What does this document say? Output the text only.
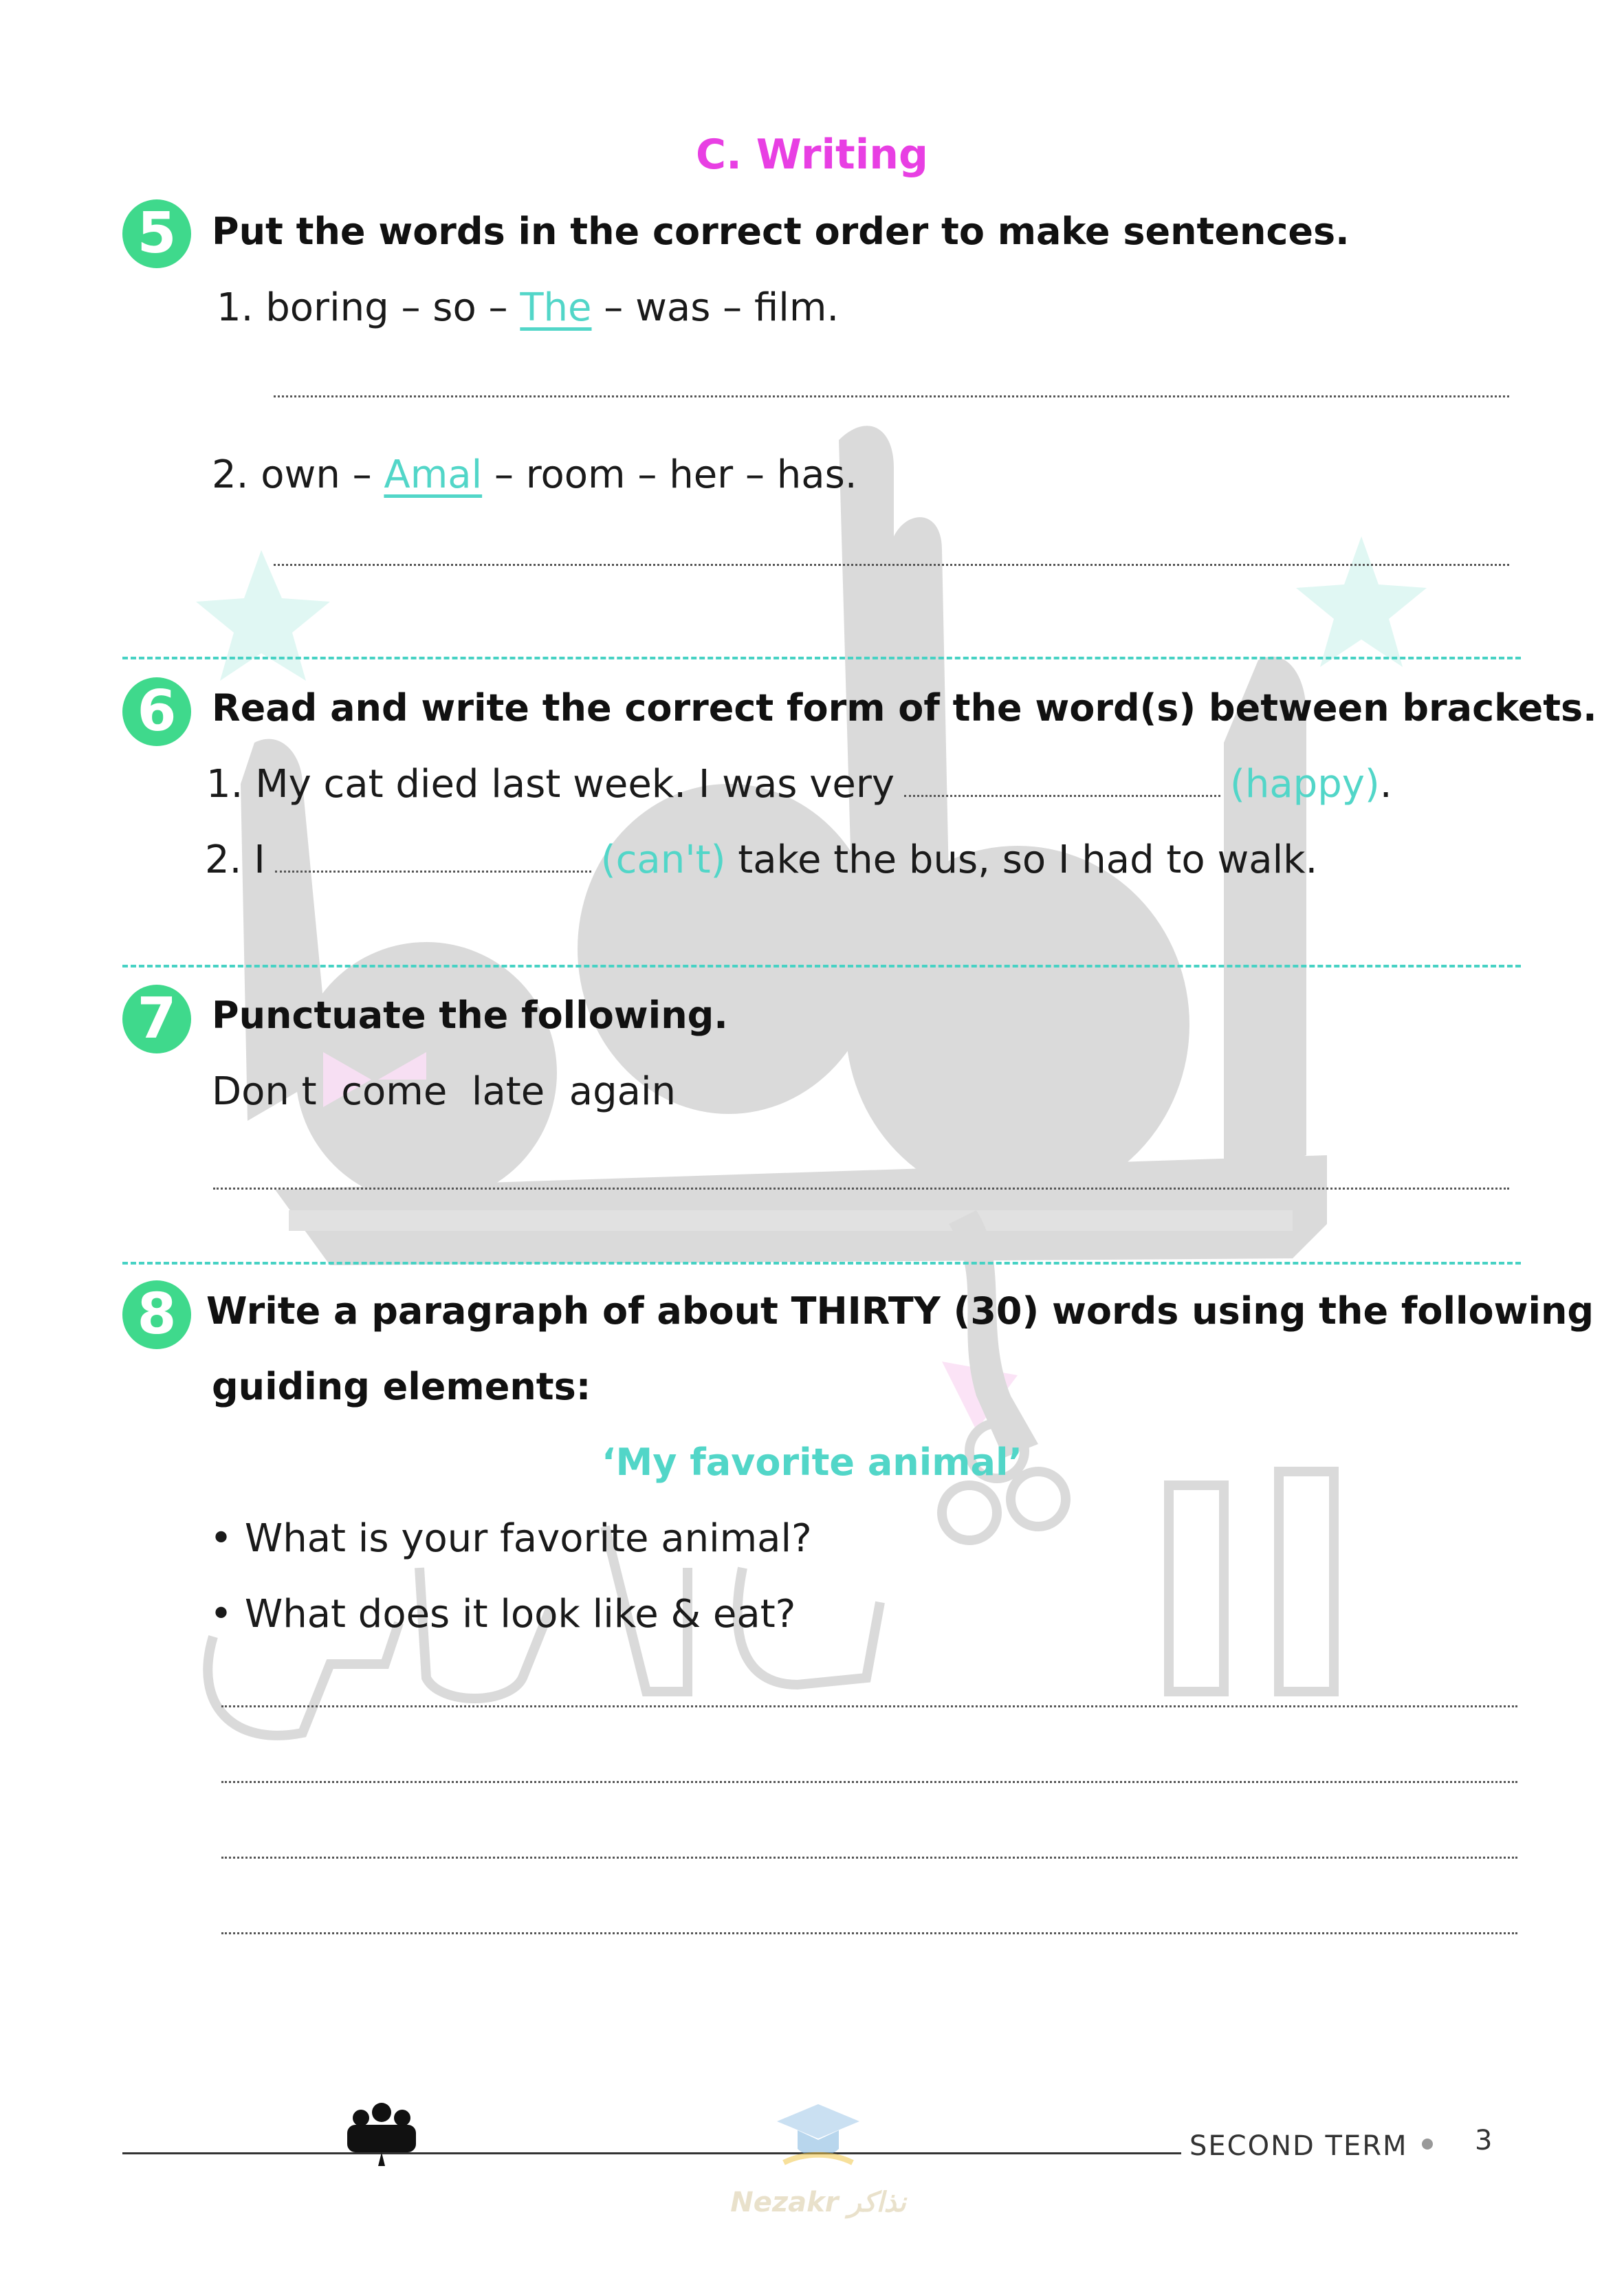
C. Writing
5 Put the words in the correct order to make sentences.
1. boring – so – The – was – film.
2. own – Amal – room – her – has.
6 Read and write the correct form of the word(s) between brackets.
1. My cat died last week. I was very	(happy).
2. I	(can't) take the bus, so I had to walk.
7 Punctuate the following.
Don t  come  late  again
8 Write a paragraph of about THIRTY (30) words using the following
guiding elements:
‘My favorite animal’
• What is your favorite animal?
• What does it look like & eat?
SECOND TERM 3
Nezakr نذاكر
